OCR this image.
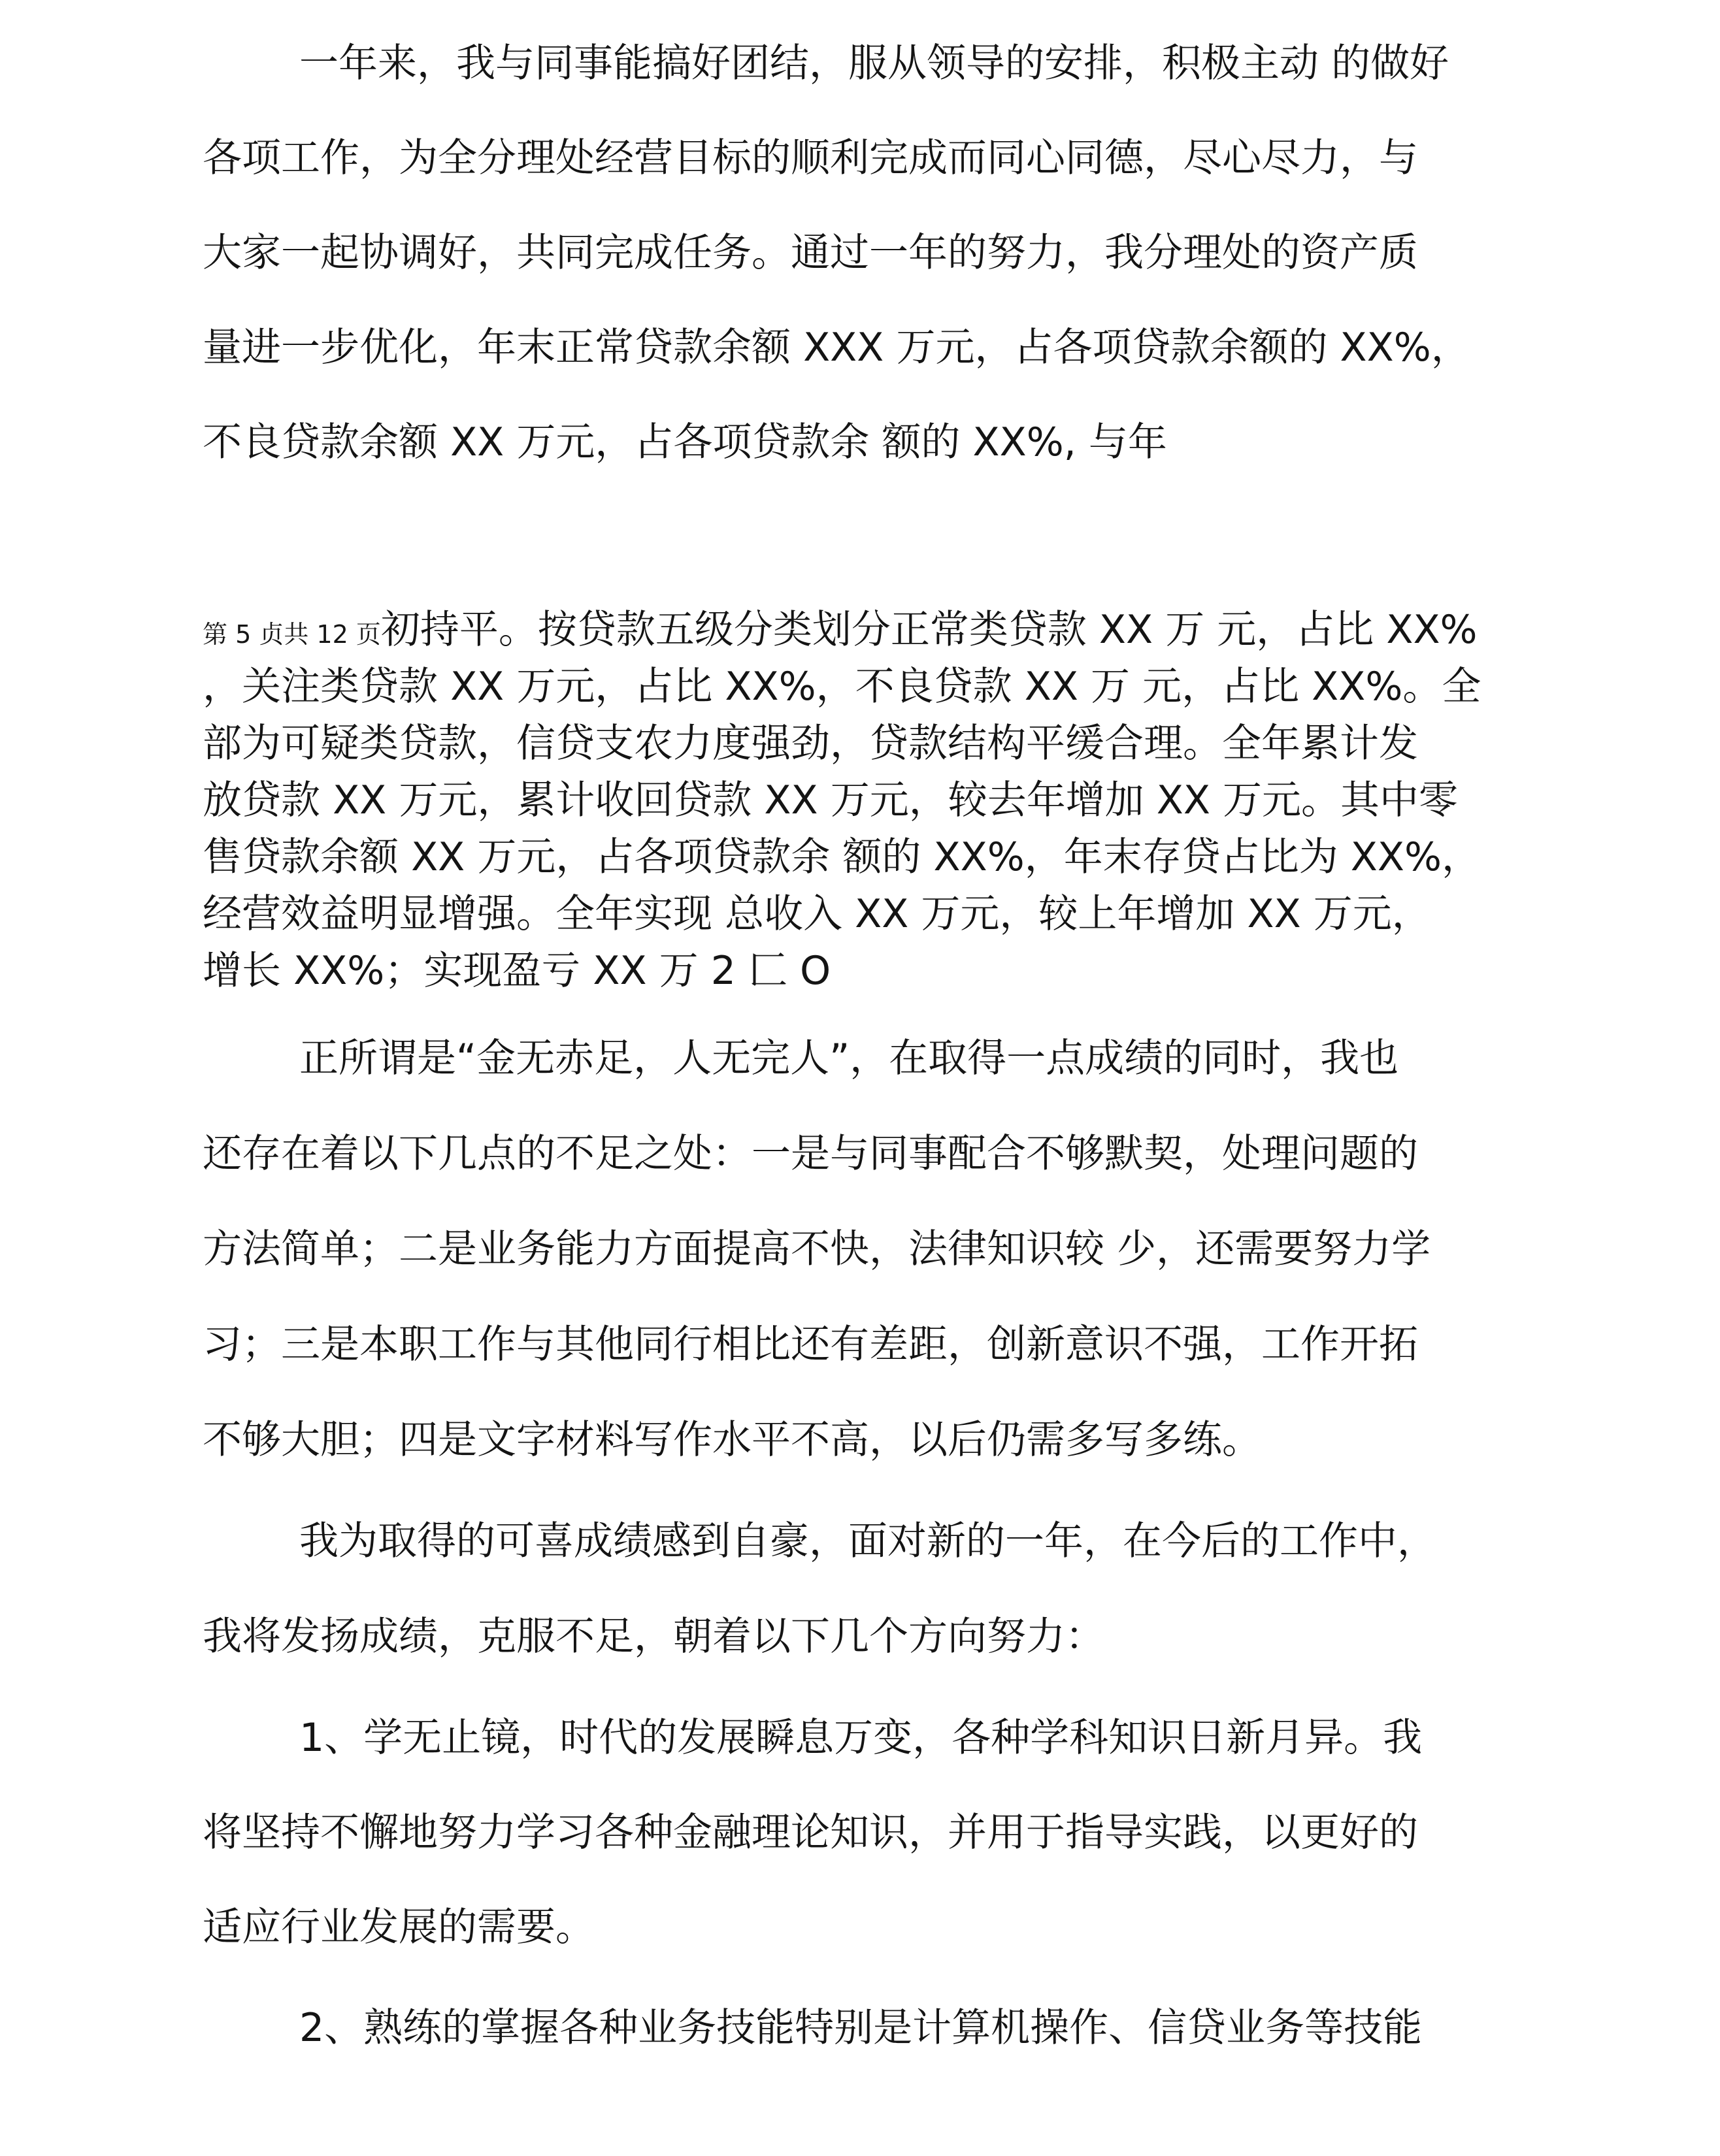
一年来，我与同事能搞好团结，服从领导的安排，积极主动 的做好
各项工作，为全分理处经营目标的顺利完成而同心同德，尽心尽力，与
大家一起协调好，共同完成任务。通过一年的努力，我分理处的资产质
量进一步优化，年末正常贷款余额 XXX 万元，占各项贷款余额的 XX%，
不良贷款余额 XX 万元，占各项贷款余 额的 XX%, 与年
第 5 贞共 12 页初持平。按贷款五级分类划分正常类贷款 XX 万 元，占比 XX%
，关注类贷款 XX 万元，占比 XX%，不良贷款 XX 万 元，占比 XX%。全
部为可疑类贷款，信贷支农力度强劲，贷款结构平缓合理。全年累计发
放贷款 XX 万元，累计收回贷款 XX 万元，较去年增加 XX 万元。其中零
售贷款余额 XX 万元，占各项贷款余 额的 XX%，年末存贷占比为 XX%，
经营效益明显增强。全年实现 总收入 XX 万元，较上年增加 XX 万元，
增长 XX%；实现盈亏 XX 万 2 匚 O
正所谓是“金无赤足，人无完人”，在取得一点成绩的同时，我也
还存在着以下几点的不足之处：一是与同事配合不够默契，处理问题的
方法简单；二是业务能力方面提高不快，法律知识较 少，还需要努力学
习；三是本职工作与其他同行相比还有差距，创新意识不强，工作开拓
不够大胆；四是文字材料写作水平不高，以后仍需多写多练。
我为取得的可喜成绩感到自豪，面对新的一年，在今后的工作中，
我将发扬成绩，克服不足，朝着以下几个方向努力：
1、学无止镜，时代的发展瞬息万变，各种学科知识日新月异。我
将坚持不懈地努力学习各种金融理论知识，并用于指导实践，以更好的
适应行业发展的需要。
2、熟练的掌握各种业务技能特别是计算机操作、信贷业务等技能
